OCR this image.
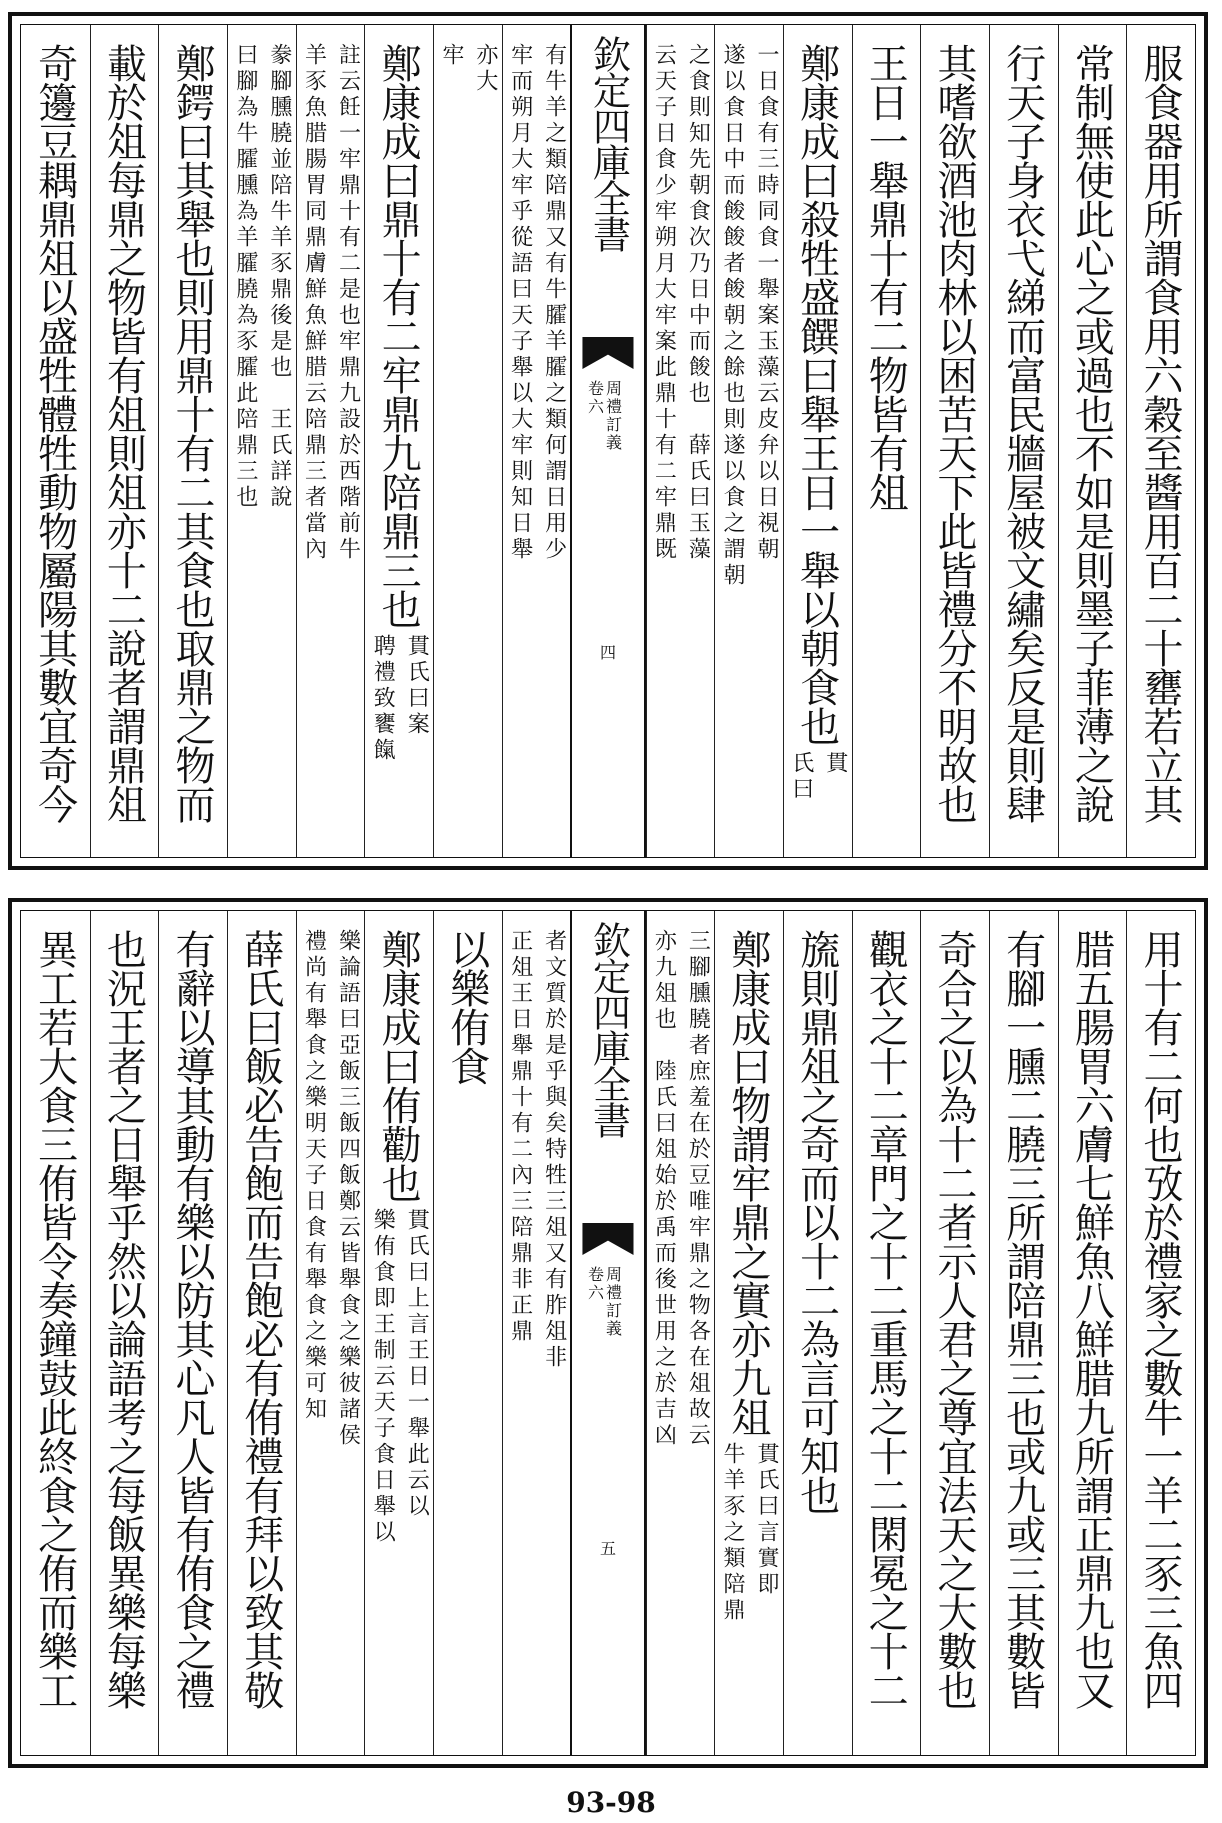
服食器用所謂食用六穀至醬用百二十罋若立其
常制無使此心之或過也不如是則墨子菲薄之說
行天子身衣弋綈而富民牆屋被文繡矣反是則肆
其嗜欲酒池肉林以困苦天下此皆禮分不明故也
王日一舉鼎十有二物皆有俎
鄭康成曰殺牲盛饌曰舉王日一舉以朝食也
貫
氏曰
一日食有三時同食一舉案玉藻云皮弁以日視朝
遂以食日中而餕餕者餕朝之餘也則遂以食之謂朝
之食則知先朝食次乃日中而餕也　薛氏曰玉藻
云天子日食少牢朔月大牢案此鼎十有二牢鼎既
欽定四庫全書
周禮訂義
卷六
四
有牛羊之類陪鼎又有牛臛羊臛之類何謂日用少
牢而朔月大牢乎從語曰天子舉以大牢則知日舉
亦大
牢
鄭康成曰鼎十有二牢鼎九陪鼎三也
貫氏曰案
聘禮致饔餼
註云飪一牢鼎十有二是也牢鼎九設於西階前牛
羊豕魚腊腸胃同鼎膚鮮魚鮮腊云陪鼎三者當內
豢腳臐膮並陪牛羊豕鼎後是也　王氏詳說
曰腳為牛臛臐為羊臛膮為豕臛此陪鼎三也
鄭鍔曰其舉也則用鼎十有二其食也取鼎之物而
載於俎每鼎之物皆有俎則俎亦十二說者謂鼎俎
奇籩豆耦鼎俎以盛牲體牲動物屬陽其數宜奇今
用十有二何也攷於禮家之數牛一羊二豕三魚四
腊五腸胃六膚七鮮魚八鮮腊九所謂正鼎九也又
有腳一臐二膮三所謂陪鼎三也或九或三其數皆
奇合之以為十二者示人君之尊宜法天之大數也
觀衣之十二章門之十二重馬之十二閑冕之十二
旒則鼎俎之奇而以十二為言可知也
鄭康成曰物謂牢鼎之實亦九俎
貫氏曰言實即
牛羊豕之類陪鼎
三腳臐膮者庶羞在於豆唯牢鼎之物各在俎故云
亦九俎也　陸氏曰俎始於禹而後世用之於吉凶
欽定四庫全書
周禮訂義
卷六
五
者文質於是乎與矣特牲三俎又有胙俎非
正俎王日舉鼎十有二內三陪鼎非正鼎
以樂侑食
鄭康成曰侑勸也
貫氏曰上言王日一舉此云以
樂侑食即王制云天子食日舉以
樂論語曰亞飯三飯四飯鄭云皆舉食之樂彼諸侯
禮尚有舉食之樂明天子日食有舉食之樂可知
薛氏曰飯必告飽而告飽必有侑禮有拜以致其敬
有辭以導其動有樂以防其心凡人皆有侑食之禮
也況王者之日舉乎然以論語考之每飯異樂每樂
異工若大食三侑皆令奏鐘鼓此終食之侑而樂工
93-98
